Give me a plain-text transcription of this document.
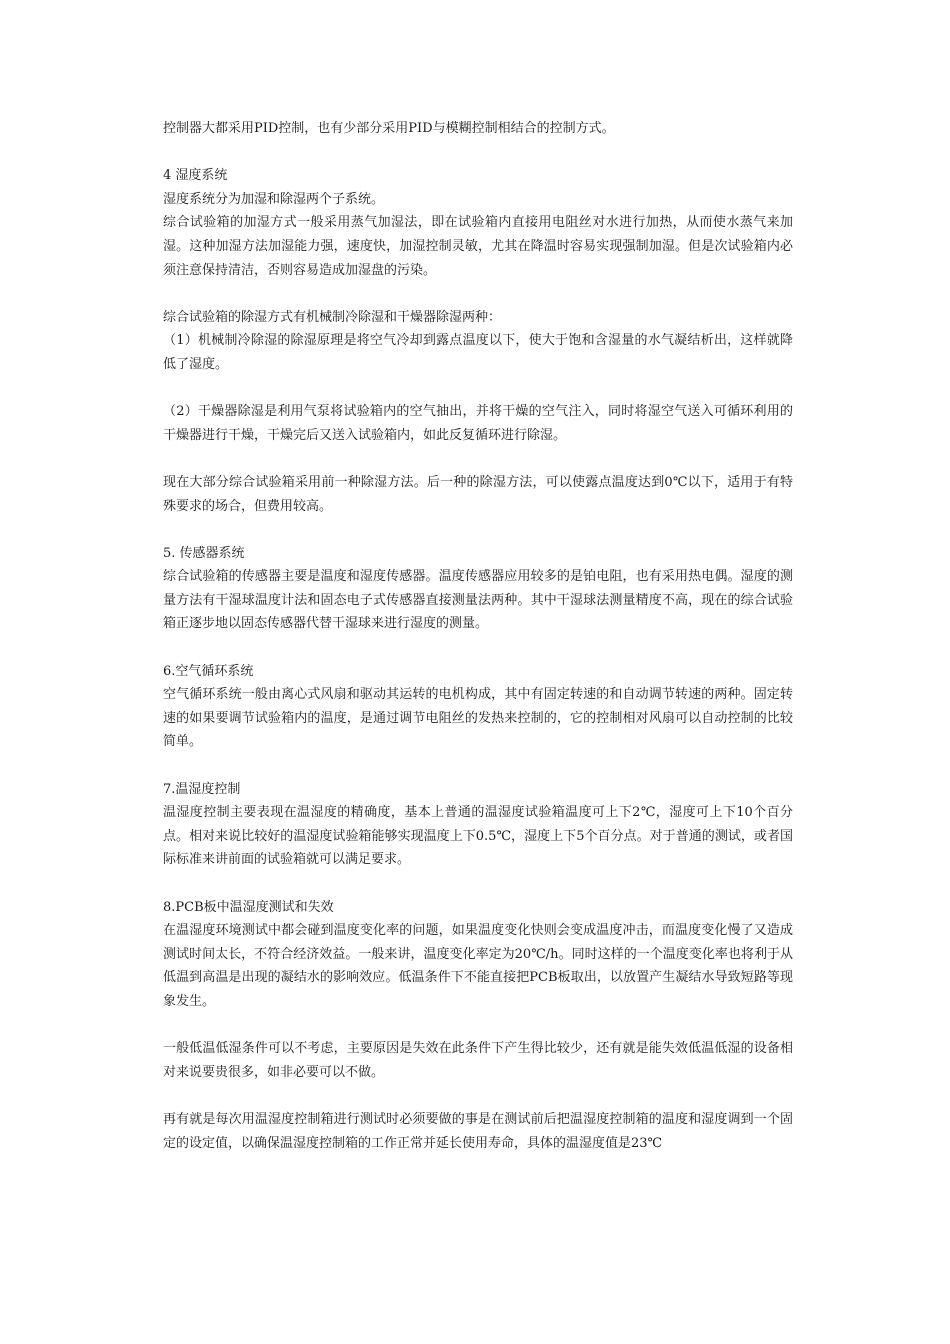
控制器大都采用PID控制，也有少部分采用PID与模糊控制相结合的控制方式。

4 湿度系统

湿度系统分为加湿和除湿两个子系统。

综合试验箱的加湿方式一般采用蒸气加湿法，即在试验箱内直接用电阻丝对水进行加热，从而使水蒸气来加湿。这种加湿方法加湿能力强，速度快，加湿控制灵敏，尤其在降温时容易实现强制加湿。但是次试验箱内必须注意保持清洁，否则容易造成加湿盘的污染。

综合试验箱的除湿方式有机械制冷除湿和干燥器除湿两种：

（1）机械制冷除湿的除湿原理是将空气冷却到露点温度以下，使大于饱和含湿量的水气凝结析出，这样就降低了湿度。

（2）干燥器除湿是利用气泵将试验箱内的空气抽出，并将干燥的空气注入，同时将湿空气送入可循环利用的干燥器进行干燥，干燥完后又送入试验箱内，如此反复循环进行除湿。

现在大部分综合试验箱采用前一种除湿方法。后一种的除湿方法，可以使露点温度达到0℃以下，适用于有特殊要求的场合，但费用较高。

5. 传感器系统

综合试验箱的传感器主要是温度和湿度传感器。温度传感器应用较多的是铂电阻，也有采用热电偶。湿度的测量方法有干湿球温度计法和固态电子式传感器直接测量法两种。其中干湿球法测量精度不高，现在的综合试验箱正逐步地以固态传感器代替干湿球来进行湿度的测量。

6.空气循环系统

空气循环系统一般由离心式风扇和驱动其运转的电机构成，其中有固定转速的和自动调节转速的两种。固定转速的如果要调节试验箱内的温度，是通过调节电阻丝的发热来控制的，它的控制相对风扇可以自动控制的比较简单。

7.温湿度控制

温湿度控制主要表现在温湿度的精确度，基本上普通的温湿度试验箱温度可上下2℃，湿度可上下10个百分点。相对来说比较好的温湿度试验箱能够实现温度上下0.5℃，湿度上下5个百分点。对于普通的测试，或者国际标准来讲前面的试验箱就可以满足要求。

8.PCB板中温湿度测试和失效

在温湿度环境测试中都会碰到温度变化率的问题，如果温度变化快则会变成温度冲击，而温度变化慢了又造成测试时间太长，不符合经济效益。一般来讲，温度变化率定为20℃/h。同时这样的一个温度变化率也将利于从低温到高温是出现的凝结水的影响效应。低温条件下不能直接把PCB板取出，以放置产生凝结水导致短路等现象发生。

一般低温低湿条件可以不考虑，主要原因是失效在此条件下产生得比较少，还有就是能失效低温低湿的设备相对来说要贵很多，如非必要可以不做。

再有就是每次用温湿度控制箱进行测试时必须要做的事是在测试前后把温湿度控制箱的温度和湿度调到一个固定的设定值，以确保温湿度控制箱的工作正常并延长使用寿命，具体的温湿度值是23℃
